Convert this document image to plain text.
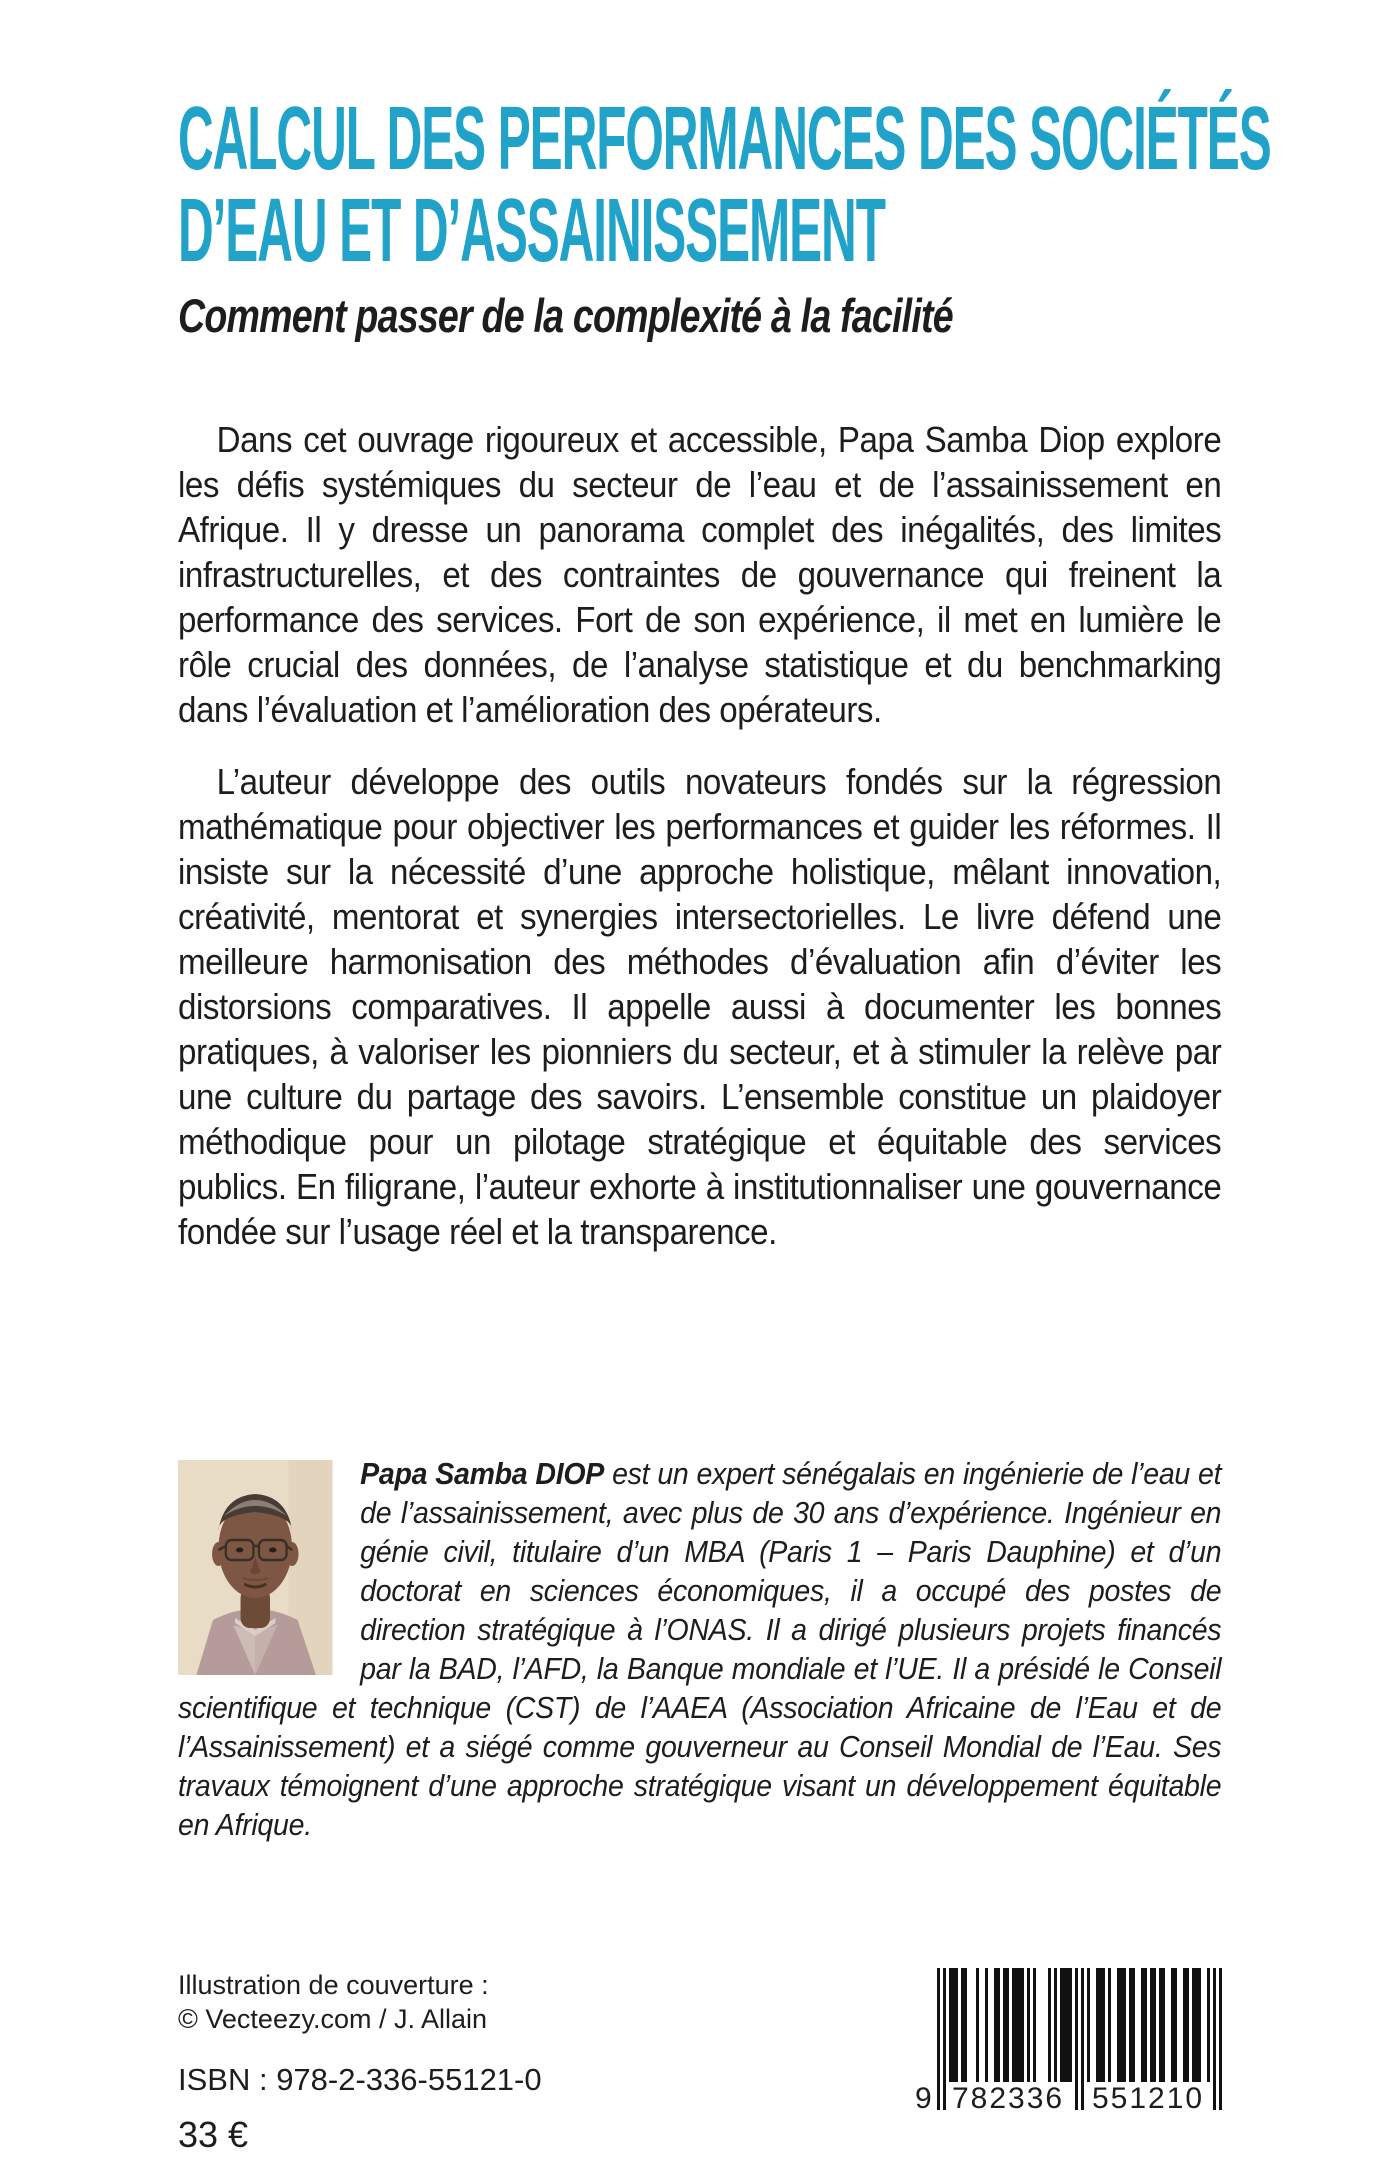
CALCUL DES PERFORMANCES DES SOCIÉTÉS
D’EAU ET D’ASSAINISSEMENT
Comment passer de la complexité à la facilité

Dans cet ouvrage rigoureux et accessible, Papa Samba Diop explore les défis systémiques du secteur de l’eau et de l’assainissement en Afrique. Il y dresse un panorama complet des inégalités, des limites infrastructurelles, et des contraintes de gouvernance qui freinent la performance des services. Fort de son expérience, il met en lumière le rôle crucial des données, de l’analyse statistique et du benchmarking dans l’évaluation et l’amélioration des opérateurs.

L’auteur développe des outils novateurs fondés sur la régression mathématique pour objectiver les performances et guider les réformes. Il insiste sur la nécessité d’une approche holistique, mêlant innovation, créativité, mentorat et synergies intersectorielles. Le livre défend une meilleure harmonisation des méthodes d’évaluation afin d’éviter les distorsions comparatives. Il appelle aussi à documenter les bonnes pratiques, à valoriser les pionniers du secteur, et à stimuler la relève par une culture du partage des savoirs. L’ensemble constitue un plaidoyer méthodique pour un pilotage stratégique et équitable des services publics. En filigrane, l’auteur exhorte à institutionnaliser une gouvernance fondée sur l’usage réel et la transparence.

Papa Samba DIOP est un expert sénégalais en ingénierie de l’eau et de l’assainissement, avec plus de 30 ans d’expérience. Ingénieur en génie civil, titulaire d’un MBA (Paris 1 – Paris Dauphine) et d’un doctorat en sciences économiques, il a occupé des postes de direction stratégique à l’ONAS. Il a dirigé plusieurs projets financés par la BAD, l’AFD, la Banque mondiale et l’UE. Il a présidé le Conseil scientifique et technique (CST) de l’AAEA (Association Africaine de l’Eau et de l’Assainissement) et a siégé comme gouverneur au Conseil Mondial de l’Eau. Ses travaux témoignent d’une approche stratégique visant un développement équitable en Afrique.
Illustration de couverture :
© Vecteezy.com / J. Allain
ISBN : 978-2-336-55121-0
33 €
9 782336 551210
